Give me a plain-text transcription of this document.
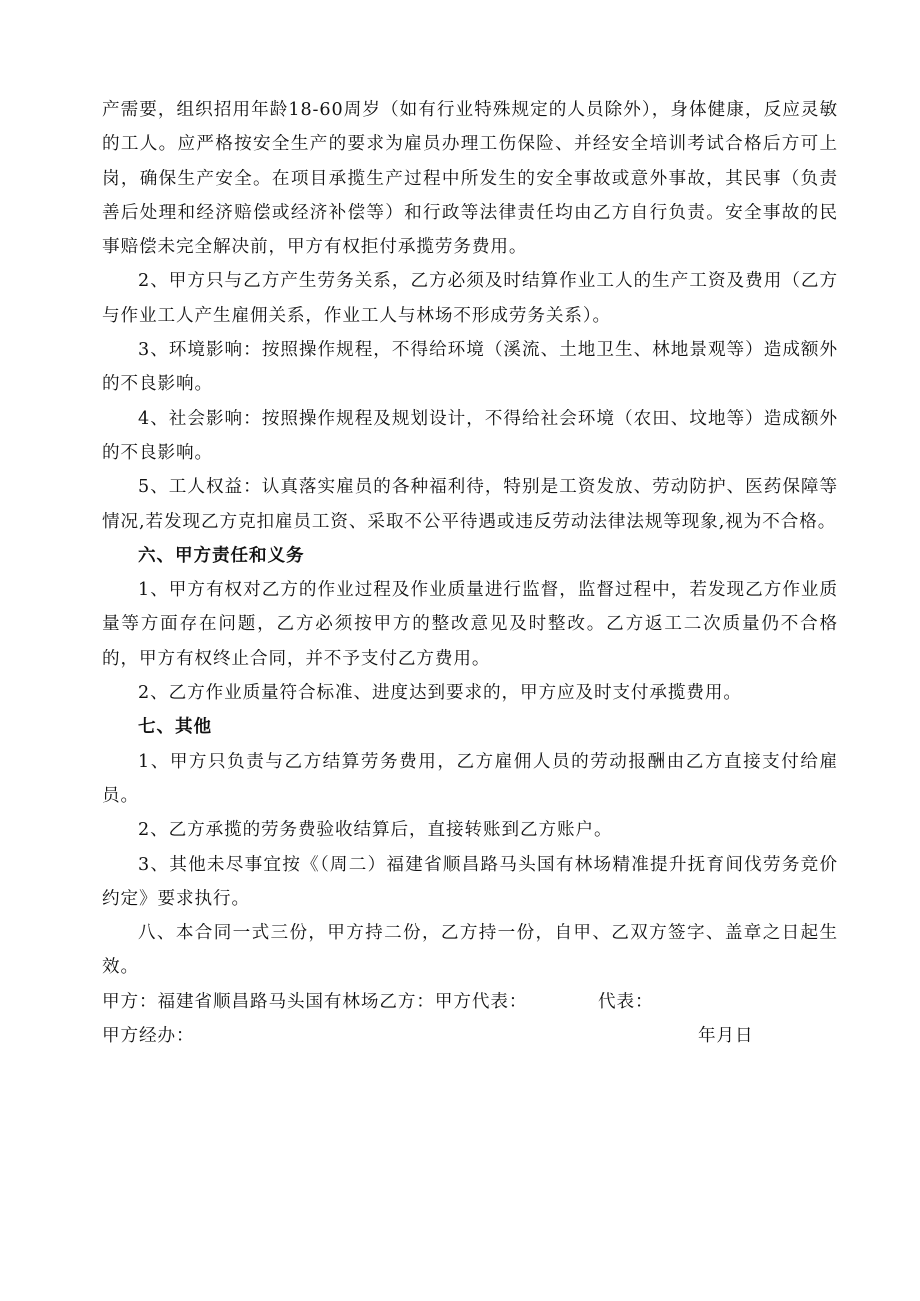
产需要，组织招用年龄18-60周岁（如有行业特殊规定的人员除外），身体健康，反应灵敏的工人。应严格按安全生产的要求为雇员办理工伤保险、并经安全培训考试合格后方可上岗，确保生产安全。在项目承揽生产过程中所发生的安全事故或意外事故，其民事（负责善后处理和经济赔偿或经济补偿等）和行政等法律责任均由乙方自行负责。安全事故的民事赔偿未完全解决前，甲方有权拒付承揽劳务费用。

2、甲方只与乙方产生劳务关系，乙方必须及时结算作业工人的生产工资及费用（乙方与作业工人产生雇佣关系，作业工人与林场不形成劳务关系）。

3、环境影响：按照操作规程，不得给环境（溪流、土地卫生、林地景观等）造成额外的不良影响。

4、社会影响：按照操作规程及规划设计，不得给社会环境（农田、坟地等）造成额外的不良影响。

5、工人权益：认真落实雇员的各种福利待，特别是工资发放、劳动防护、医药保障等情况,若发现乙方克扣雇员工资、采取不公平待遇或违反劳动法律法规等现象,视为不合格。

六、甲方责任和义务

1、甲方有权对乙方的作业过程及作业质量进行监督，监督过程中，若发现乙方作业质量等方面存在问题，乙方必须按甲方的整改意见及时整改。乙方返工二次质量仍不合格的，甲方有权终止合同，并不予支付乙方费用。

2、乙方作业质量符合标准、进度达到要求的，甲方应及时支付承揽费用。

七、其他

1、甲方只负责与乙方结算劳务费用，乙方雇佣人员的劳动报酬由乙方直接支付给雇员。

2、乙方承揽的劳务费验收结算后，直接转账到乙方账户。

3、其他未尽事宜按《（周二）福建省顺昌路马头国有林场精准提升抚育间伐劳务竞价约定》要求执行。

八、本合同一式三份，甲方持二份，乙方持一份，自甲、乙双方签字、盖章之日起生效。

甲方：福建省顺昌路马头国有林场乙方：甲方代表：	代表：
甲方经办：	年月日
